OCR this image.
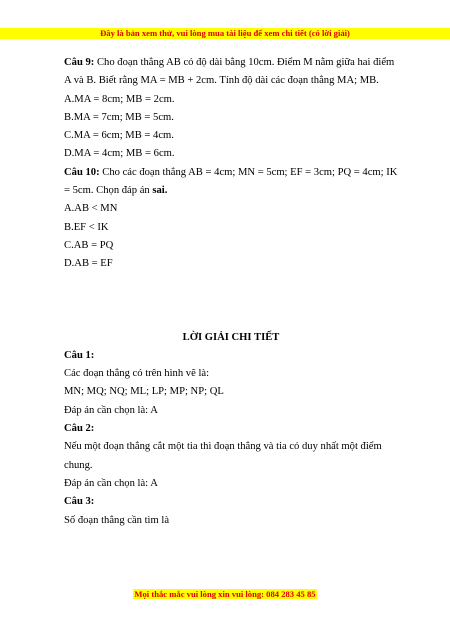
Đây là bản xem thử, vui lòng mua tài liệu để xem chi tiết (có lời giải)

Câu 9: Cho đoạn thẳng AB có độ dài bằng 10cm. Điểm M nằm giữa hai điểm A và B. Biết rằng MA = MB + 2cm. Tính độ dài các đoạn thẳng MA; MB.

A.MA = 8cm; MB = 2cm.

B.MA = 7cm; MB = 5cm.

C.MA = 6cm; MB = 4cm.

D.MA = 4cm; MB = 6cm.

Câu 10: Cho các đoạn thẳng AB = 4cm; MN = 5cm; EF = 3cm; PQ = 4cm; IK = 5cm. Chọn đáp án sai.

A.AB < MN

B.EF < IK

C.AB = PQ

D.AB = EF

LỜI GIẢI CHI TIẾT

Câu 1:

Các đoạn thẳng có trên hình vẽ là:

MN; MQ; NQ; ML; LP; MP; NP; QL

Đáp án cần chọn là: A

Câu 2:

Nếu một đoạn thẳng cắt một tia thì đoạn thẳng và tia có duy nhất một điểm chung.

Đáp án cần chọn là: A

Câu 3:

Số đoạn thẳng cần tìm là

Mọi thắc mắc vui lòng xin vui lòng: 084 283 45 85
